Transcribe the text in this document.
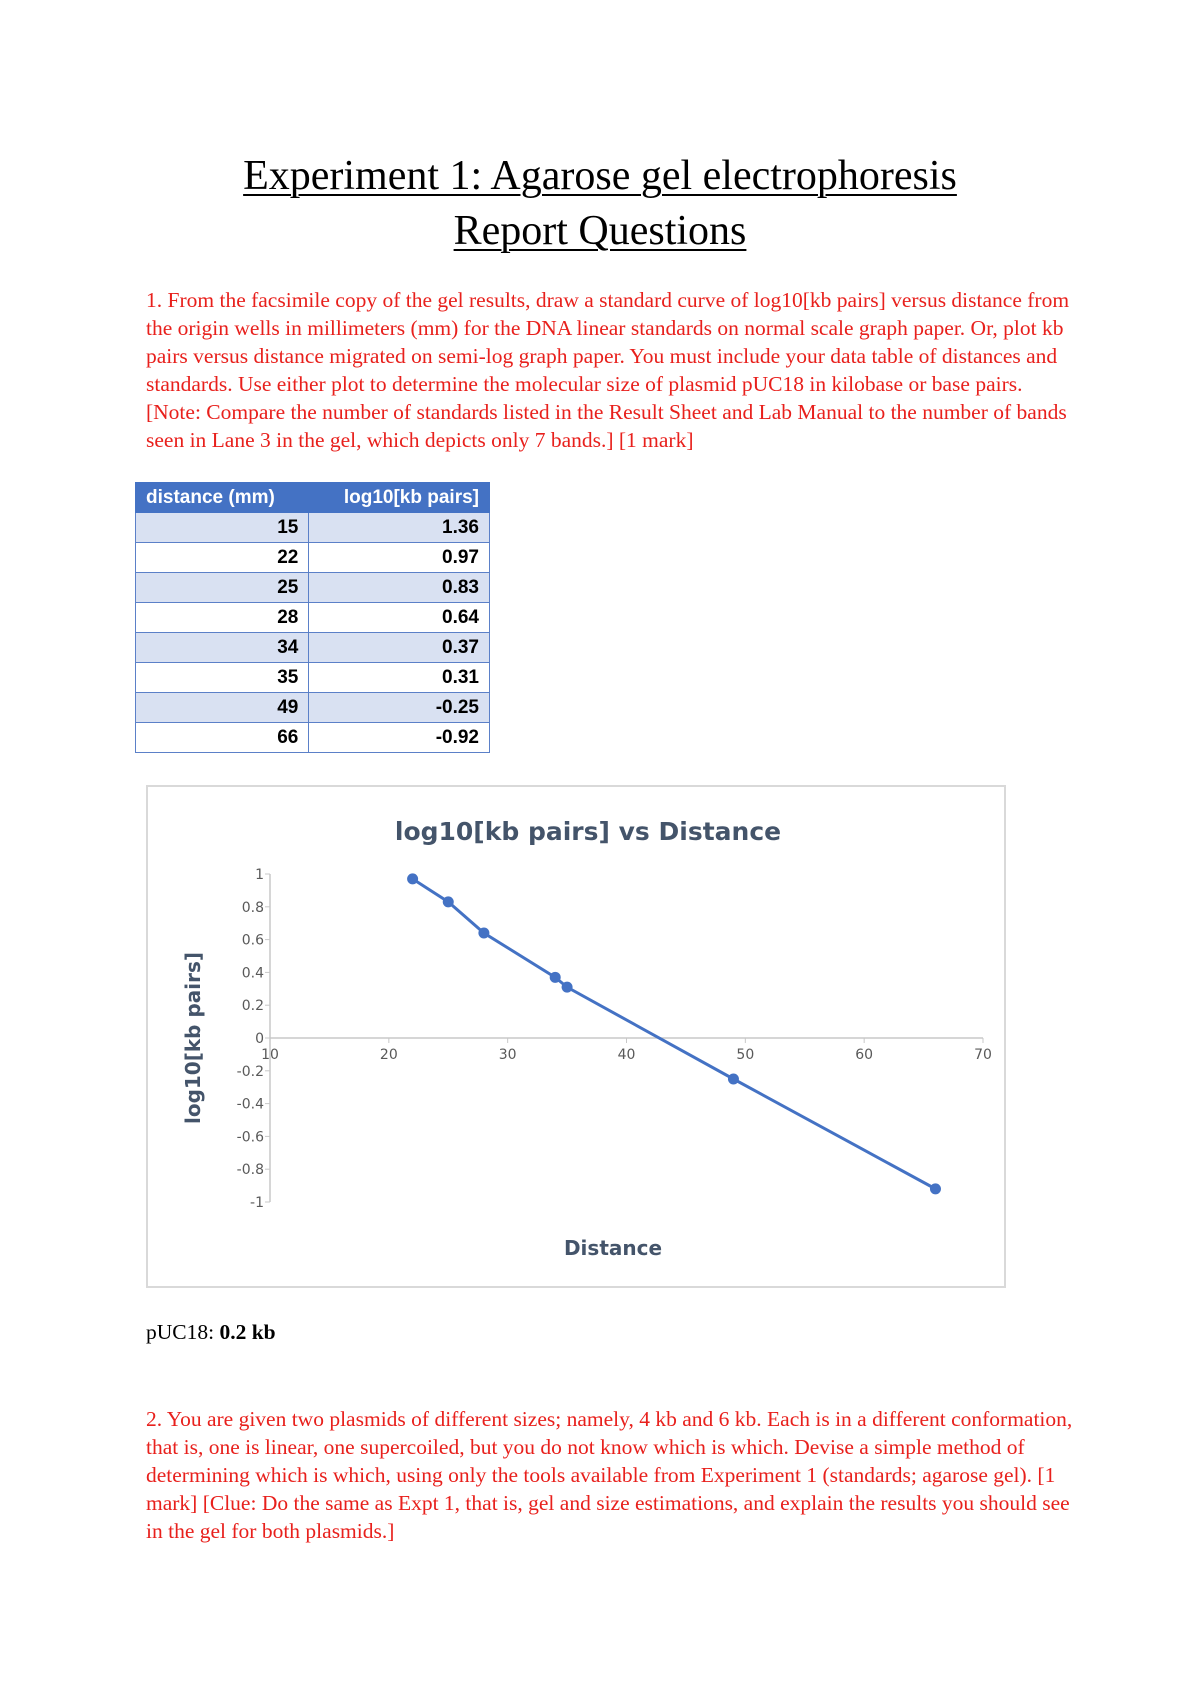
Experiment 1: Agarose gel electrophoresis
Report Questions

1. From the facsimile copy of the gel results, draw a standard curve of log10[kb pairs] versus distance from the origin wells in millimeters (mm) for the DNA linear standards on normal scale graph paper. Or, plot kb pairs versus distance migrated on semi-log graph paper. You must include your data table of distances and standards. Use either plot to determine the molecular size of plasmid pUC18 in kilobase or base pairs. [Note: Compare the number of standards listed in the Result Sheet and Lab Manual to the number of bands seen in Lane 3 in the gel, which depicts only 7 bands.] [1 mark]

distance (mm)	log10[kb pairs]
15	1.36
22	0.97
25	0.83
28	0.64
34	0.37
35	0.31
49	-0.25
66	-0.92
log10[kb pairs] vs Distance
log10[kb pairs]
Distance
1
0.8
0.6
0.4
0.2
0
-0.2
-0.4
-0.6
-0.8
-1
10	20	30	40	50	60	70
pUC18: 0.2 kb

2. You are given two plasmids of different sizes; namely, 4 kb and 6 kb. Each is in a different conformation, that is, one is linear, one supercoiled, but you do not know which is which. Devise a simple method of determining which is which, using only the tools available from Experiment 1 (standards; agarose gel). [1 mark] [Clue: Do the same as Expt 1, that is, gel and size estimations, and explain the results you should see in the gel for both plasmids.]
